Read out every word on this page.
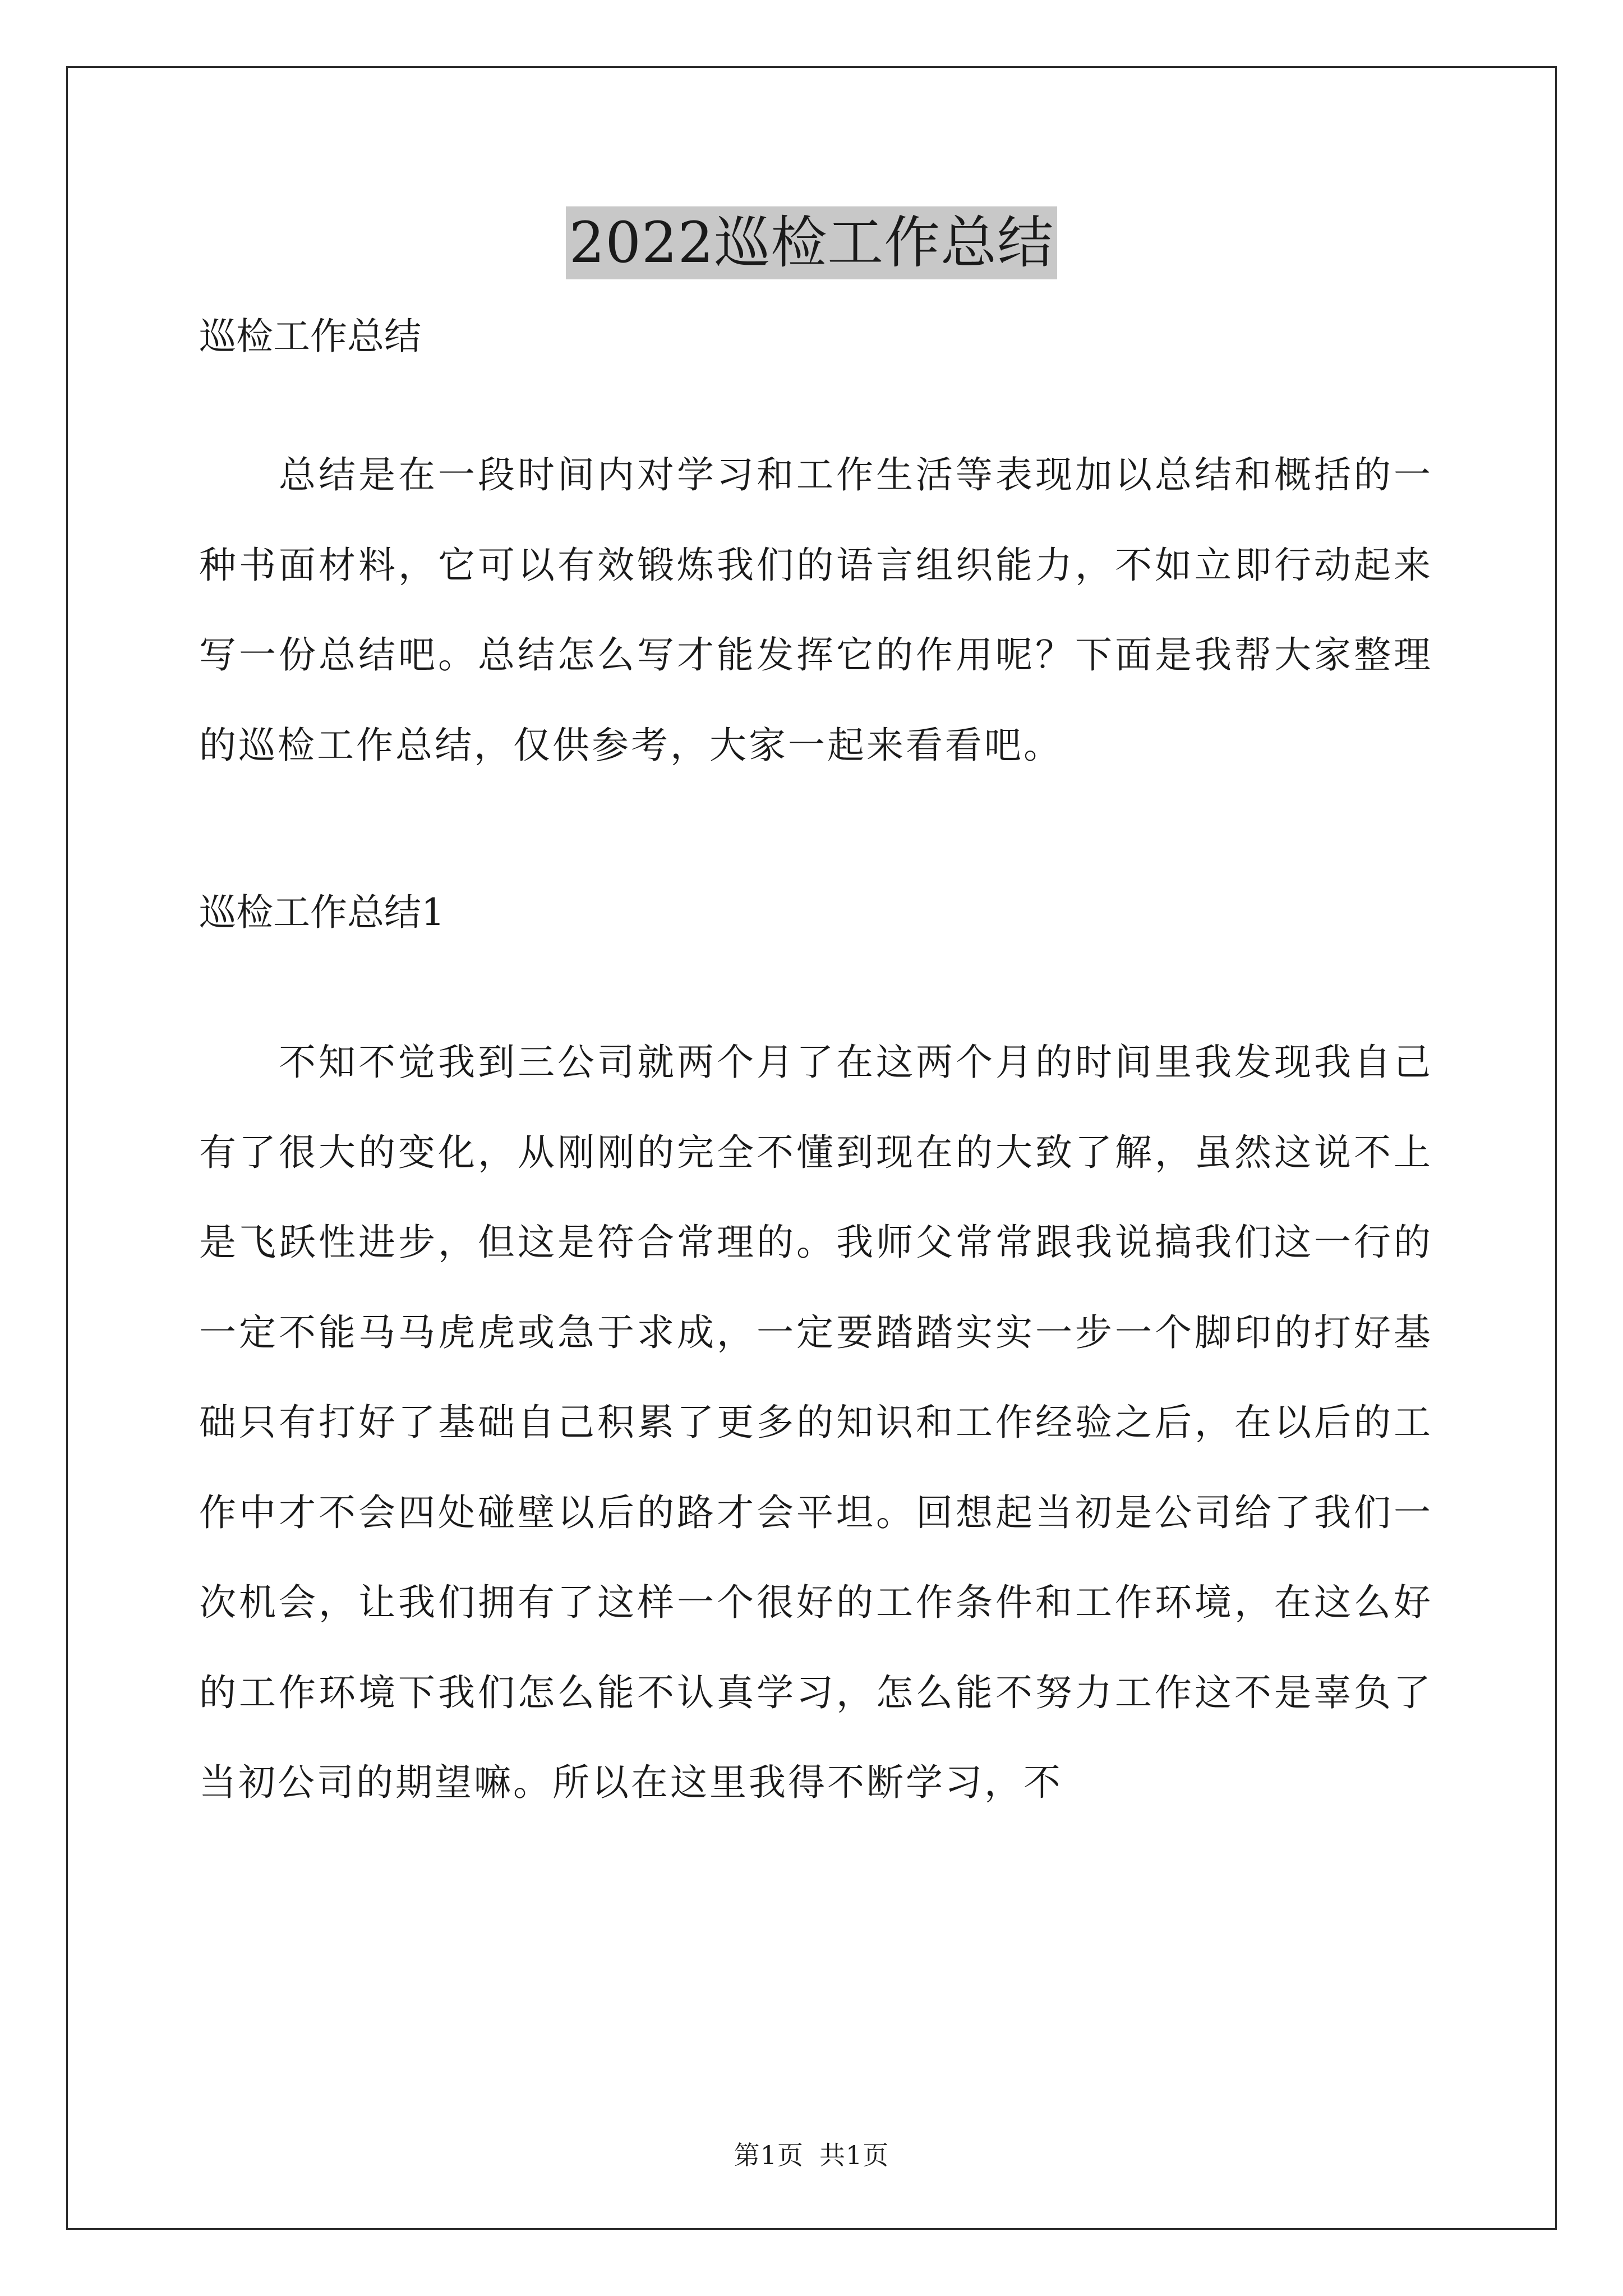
2022巡检工作总结

巡检工作总结

总结是在一段时间内对学习和工作生活等表现加以总结和概括的一种书面材料，它可以有效锻炼我们的语言组织能力，不如立即行动起来写一份总结吧。总结怎么写才能发挥它的作用呢？下面是我帮大家整理的巡检工作总结，仅供参考，大家一起来看看吧。

巡检工作总结1

不知不觉我到三公司就两个月了在这两个月的时间里我发现我自己有了很大的变化，从刚刚的完全不懂到现在的大致了解，虽然这说不上是飞跃性进步，但这是符合常理的。我师父常常跟我说搞我们这一行的一定不能马马虎虎或急于求成，一定要踏踏实实一步一个脚印的打好基础只有打好了基础自己积累了更多的知识和工作经验之后，在以后的工作中才不会四处碰壁以后的路才会平坦。回想起当初是公司给了我们一次机会，让我们拥有了这样一个很好的工作条件和工作环境，在这么好的工作环境下我们怎么能不认真学习，怎么能不努力工作这不是辜负了当初公司的期望嘛。所以在这里我得不断学习，不

第1页 共1页
